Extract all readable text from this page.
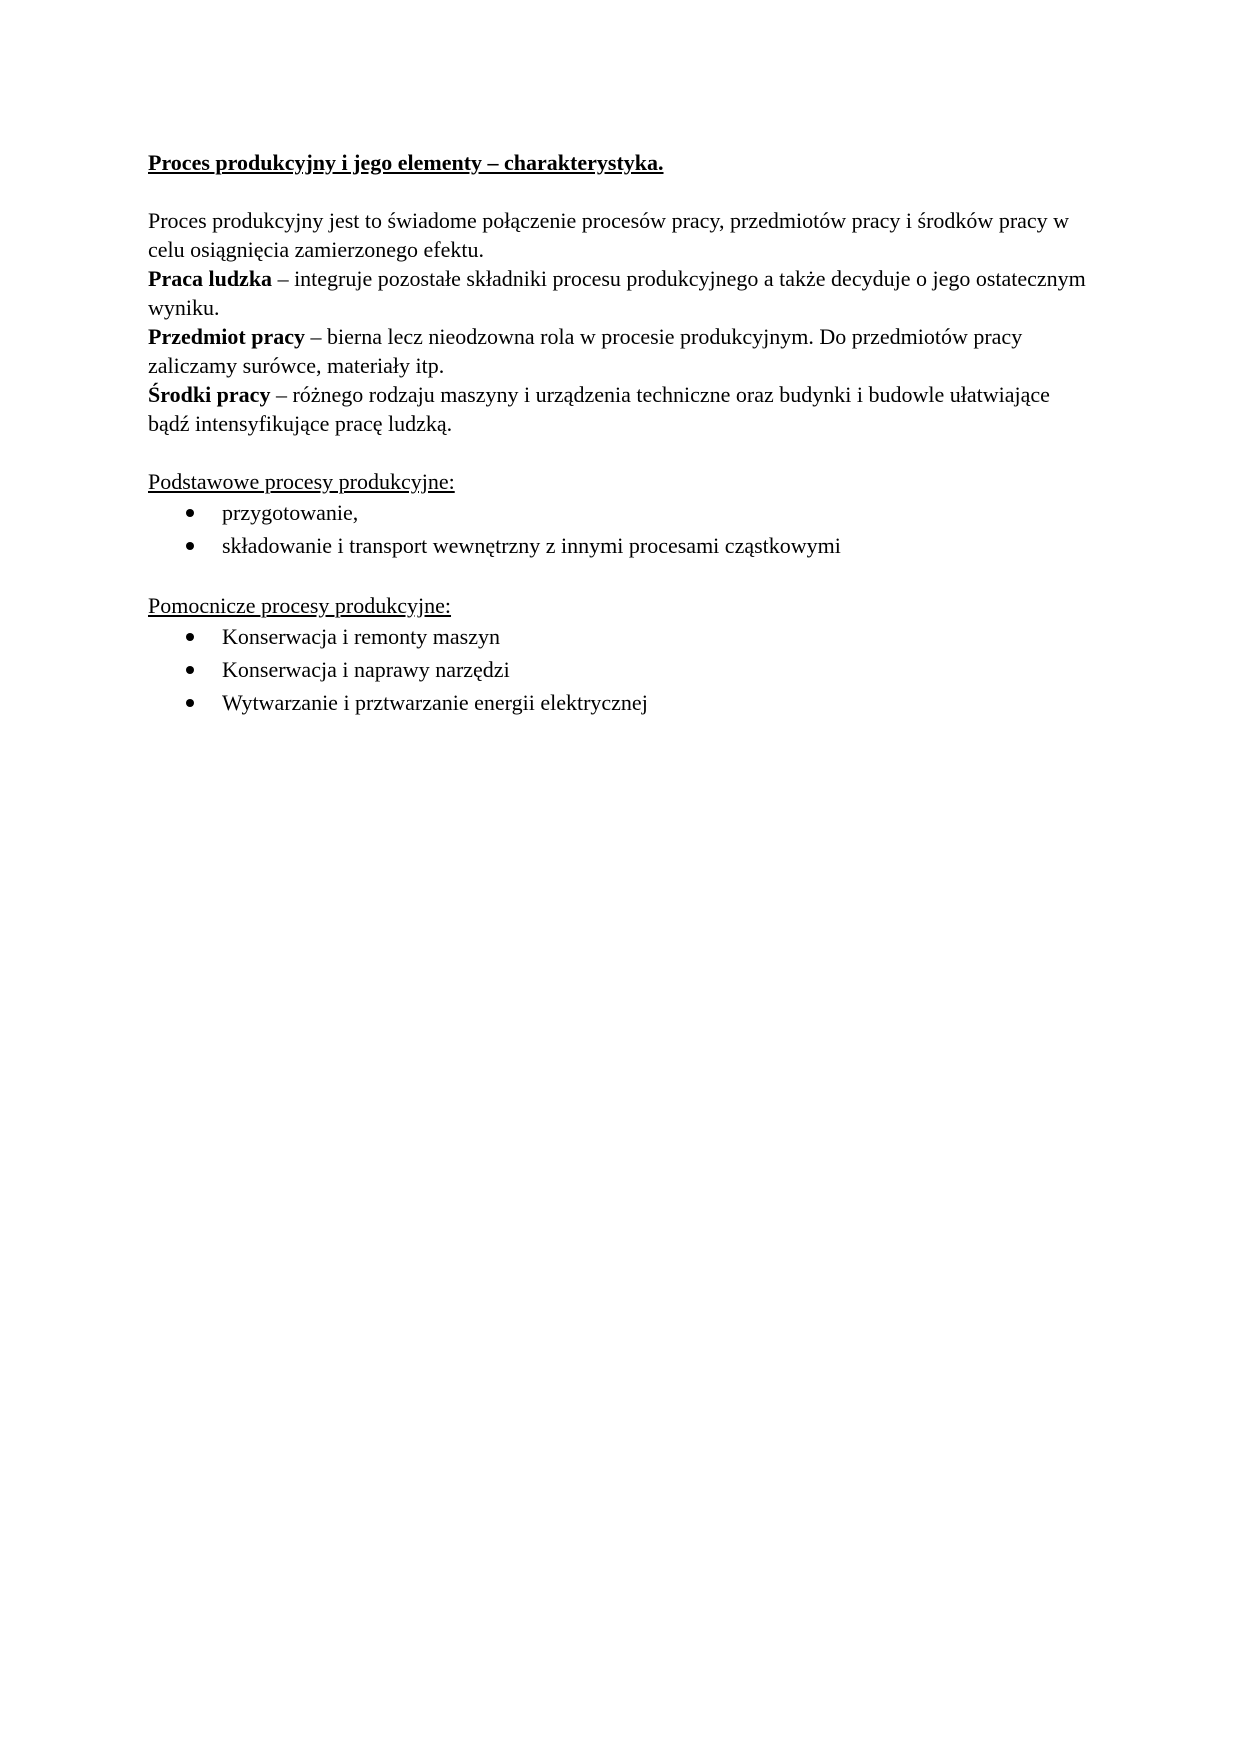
Proces produkcyjny i jego elementy – charakterystyka.

Proces produkcyjny jest to świadome połączenie procesów pracy, przedmiotów pracy i środków pracy w celu osiągnięcia zamierzonego efektu.

Praca ludzka – integruje pozostałe składniki procesu produkcyjnego a także decyduje o jego ostatecznym wyniku.

Przedmiot pracy – bierna lecz nieodzowna rola w procesie produkcyjnym. Do przedmiotów pracy zaliczamy surówce, materiały itp.

Środki pracy – różnego rodzaju maszyny i urządzenia techniczne oraz budynki i budowle ułatwiające bądź intensyfikujące pracę ludzką.

Podstawowe procesy produkcyjne:

przygotowanie,
składowanie i transport wewnętrzny z innymi procesami cząstkowymi

Pomocnicze procesy produkcyjne:

Konserwacja i remonty maszyn
Konserwacja i naprawy narzędzi
Wytwarzanie i prztwarzanie energii elektrycznej
